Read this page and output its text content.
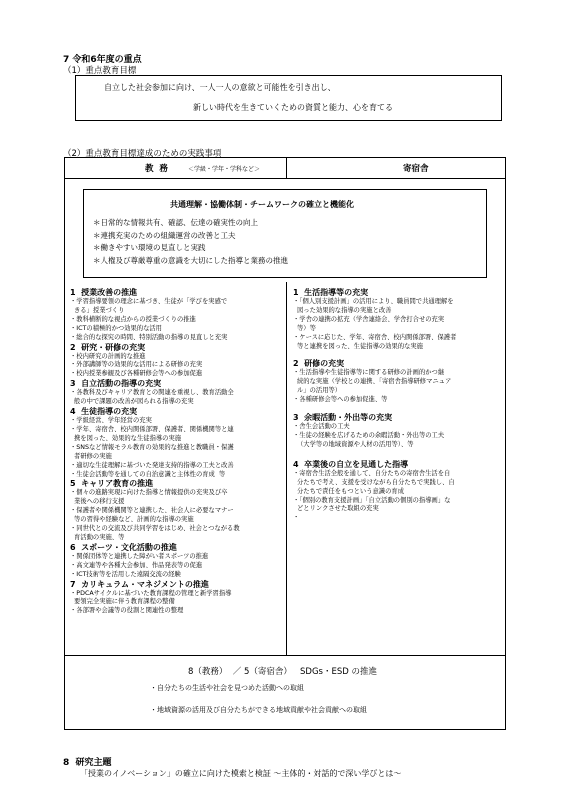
7 令和6年度の重点
（1）重点教育目標
自立した社会参加に向け、一人一人の意欲と可能性を引き出し、
新しい時代を生きていくための資質と能力、心を育てる
（2）重点教育目標達成のための実践事項
教  務	＜学級・学年・学科など＞	寄宿舎
共通理解・協働体制・チームワークの確立と機能化
＊日常的な情報共有、確認、伝達の確実性の向上
＊連携充実のための組織運営の改善と工夫
＊働きやすい環境の見直しと実践
＊人権及び尊厳尊重の意識を大切にした指導と業務の推進
1  授業改善の推進
・学習指導要領の理念に基づき、生徒が「学びを実感で
きる」授業づくり
・教科横断的な視点からの授業づくりの推進
・ICTの積極的かつ効果的な活用
・総合的な探究の時間、特別活動の指導の見直しと充実
2  研究・研修の充実
・校内研究の計画的な推進
・外部講師等の効果的な活用による研修の充実
・校内授業参観及び各種研修会等への参加促進
3  自立活動の指導の充実
・各教科及びキャリア教育との関連を重視し、教育活動全
般の中で課題の改善が図られる指導の充実
4  生徒指導の充実
・学級経営、学年経営の充実
・学年、寄宿舎、校内関係部署、保護者、関係機関等と連
携を図った、効果的な生徒指導の実施
・SNSなど情報モラル教育の効果的な推進と教職員・保護
者研修の実施
・適切な生徒理解に基づいた発達支持的指導の工夫と改善
・生徒会活動等を通しての自治意識と主体性の育成  等
5  キャリア教育の推進
・個々の進路実現に向けた指導と情報提供の充実及び卒
業後への移行支援
・保護者や関係機関等と連携した、社会人に必要なマナー
等の習得や経験など、計画的な指導の実施
・同世代との交流及び共同学習をはじめ、社会とつながる教
育活動の実施、等
6  スポーツ・文化活動の推進
・関係団体等と連携した障がい者スポーツの推進
・高文連等や各種大会参加、作品発表等の促進
・ICT技術等を活用した遠隔交流の経験
7  カリキュラム・マネジメントの推進
・PDCAサイクルに基づいた教育課程の管理と新学習指導
要領完全実施に伴う教育課程の整備
・各部署や会議等の役割と関連性の整理
1  生活指導等の充実
・「個人別支援計画」の活用により、職員間で共通理解を
図った効果的な指導の実施と改善
・学舎の連携の拡充（学舎連絡会、学舎打合せの充実
等）等
・ケースに応じた、学年、寄宿舎、校内関係部署、保護者
等と連携を図った、生徒指導の効果的な実施
2  研修の充実
・生活指導や生徒指導等に関する研修の計画的かつ継
続的な実施（学校との連携、「寄宿舎指導研修マニュア
ル」の活用等）
・各種研修会等への参加促進、等
3  余暇活動・外出等の充実
・舎生会活動の工夫
・生徒の経験を広げるための余暇活動・外出等の工夫
（大学等の地域資源や人材の活用等）、等
4  卒業後の自立を見通した指導
・寄宿舎生活全般を通して、自分たちの寄宿舎生活を自
分たちで考え、支援を受けながら自分たちで実践し、自
分たちで責任をもつという意識の育成
・「個別の教育支援計画」「自立活動の個別の指導画」な
どとリンクさせた取組の充実
・
8（教務）  ／ 5（寄宿舎）   SDGs・ESD の推進
・自分たちの生活や社会を見つめた活動への取組
・地域資源の活用及び自分たちができる地域貢献や社会貢献への取組
8  研究主題
「授業のイノベーション」の確立に向けた模索と検証 〜主体的・対話的で深い学びとは〜
